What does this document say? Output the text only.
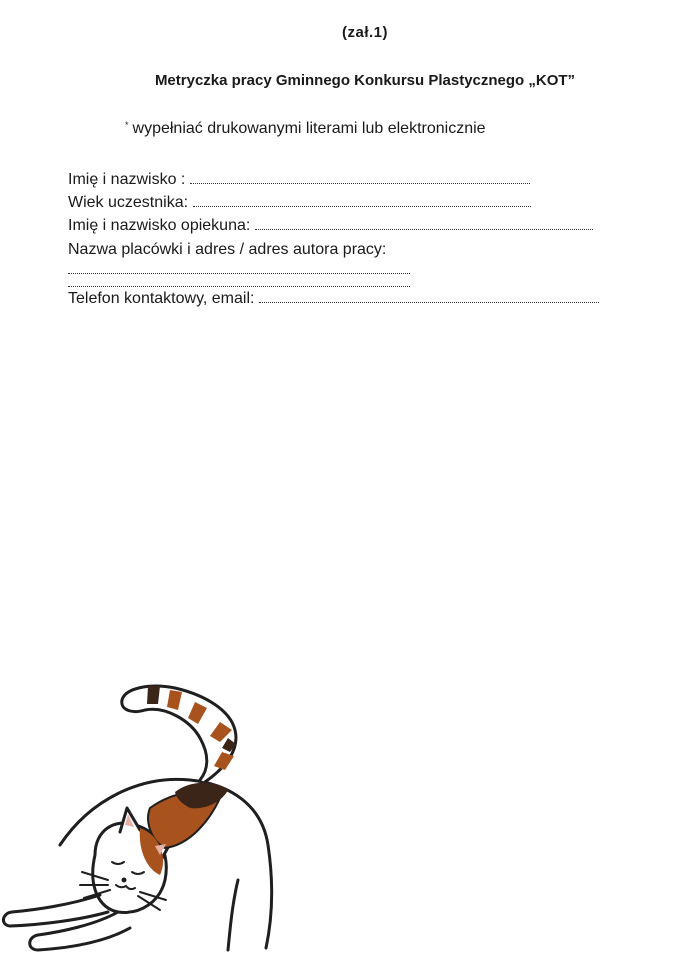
(zał.1)
Metryczka pracy Gminnego Konkursu Plastycznego „KOT”
* wypełniać drukowanymi literami lub elektronicznie
Imię i nazwisko :
Wiek uczestnika:
Imię i nazwisko opiekuna:
Nazwa placówki i adres / adres autora pracy:
Telefon kontaktowy, email:
